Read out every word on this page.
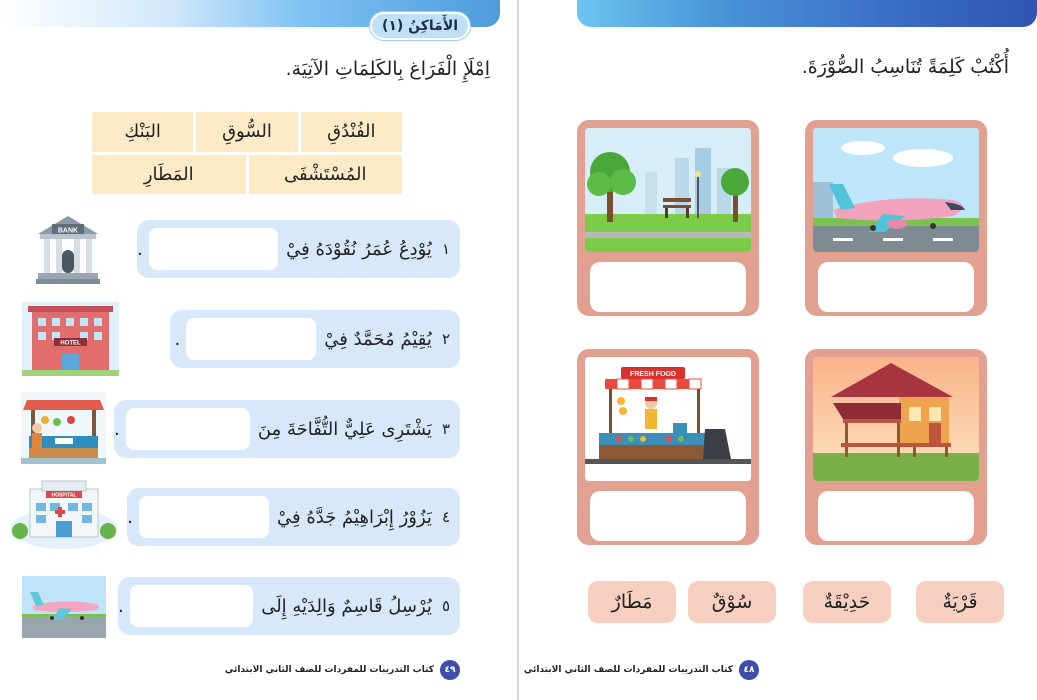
الأَمَاكِنُ (١)
اِمْلَإِ الْفَرَاغ بِالكَلِمَاتِ الآتِيَة.
البَنْكِ	السُّوقِ	الفُنْدُقِ
المَطَارِ	المُسْتَشْفَى
١
يُوْدِعُ عُمَرُ نُقُوْدَهُ فِيْ
.
٢
يُقِيْمُ مُحَمَّدٌ فِيْ
.
٣
يَشْتَرِى عَلِيٌّ التُّفَّاحَةَ مِنَ
.
٤
يَزُوْرُ إِبْرَاهِيْمُ جَدَّهُ فِيْ
.
٥
يُرْسِلُ قَاسِمٌ وَالِدَيْهِ إِلَى
.
BANK
HOTEL
HOSPITAL
٤٩
كتاب التدريبات للمفردات للصف الثاني الابتدائي
أُكْتُبْ كَلِمَةً تُنَاسِبُ الصُّوْرَةَ.
FRESH FOOD
قَرْيَةٌ
حَدِيْقَةٌ
سُوْقٌ
مَطَارٌ
٤٨
كتاب التدريبات للمفردات للصف الثاني الابتدائي
